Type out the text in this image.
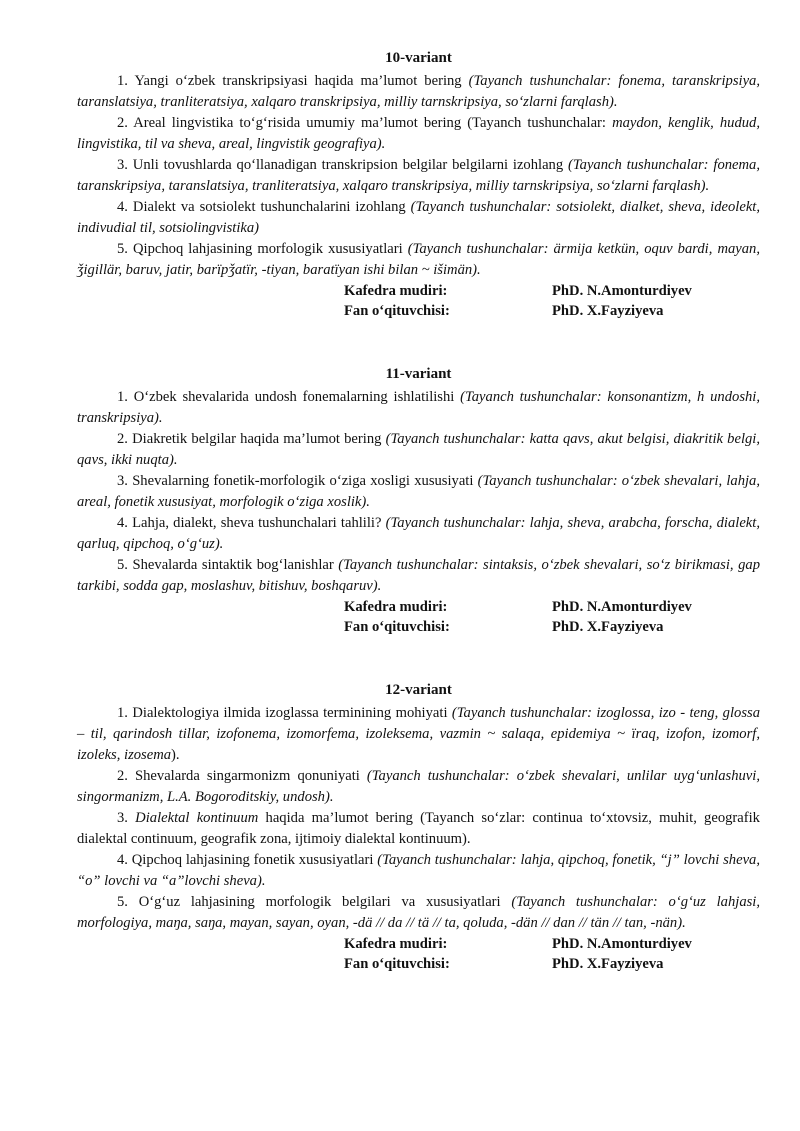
10-variant

1. Yangi o‘zbek transkripsiyasi haqida ma’lumot bering (Tayanch tushunchalar: fonema, taranskripsiya, taranslatsiya, tranliteratsiya, xalqaro transkripsiya, milliy tarnskripsiya, so‘zlarni farqlash).

2. Areal lingvistika to‘g‘risida umumiy ma’lumot bering (Tayanch tushunchalar: maydon, kenglik, hudud, lingvistika, til va sheva, areal, lingvistik geografiya).

3. Unli tovushlarda qo‘llanadigan transkripsion belgilar belgilarni izohlang (Tayanch tushunchalar: fonema, taranskripsiya, taranslatsiya, tranliteratsiya, xalqaro transkripsiya, milliy tarnskripsiya, so‘zlarni farqlash).

4. Dialekt va sotsiolekt tushunchalarini izohlang (Tayanch tushunchalar: sotsiolekt, dialket, sheva, ideolekt, indivudial til, sotsiolingvistika)

5. Qipchoq lahjasining morfologik xususiyatlari (Tayanch tushunchalar: ärmija ketkün, oquv bardi, mayan, ǯigillär, baruv, jatir, barïpǯatïr, -tiyan, baratïyan ishi bilan ~ išimän).

Kafedra mudiri:	PhD. N.Amonturdiyev
Fan o‘qituvchisi:	PhD. X.Fayziyeva
11-variant

1. O‘zbek shevalarida undosh fonemalarning ishlatilishi (Tayanch tushunchalar: konsonantizm, h undoshi, transkripsiya).

2. Diakretik belgilar haqida ma’lumot bering (Tayanch tushunchalar: katta qavs, akut belgisi, diakritik belgi, qavs, ikki nuqta).

3. Shevalarning fonetik-morfologik o‘ziga xosligi xususiyati (Tayanch tushunchalar: o‘zbek shevalari, lahja, areal, fonetik xususiyat, morfologik o‘ziga xoslik).

4. Lahja, dialekt, sheva tushunchalari tahlili? (Tayanch tushunchalar: lahja, sheva, arabcha, forscha, dialekt, qarluq, qipchoq, o‘g‘uz).

5. Shevalarda sintaktik bog‘lanishlar (Tayanch tushunchalar: sintaksis, o‘zbek shevalari, so‘z birikmasi, gap tarkibi, sodda gap, moslashuv, bitishuv, boshqaruv).

Kafedra mudiri:	PhD. N.Amonturdiyev
Fan o‘qituvchisi:	PhD. X.Fayziyeva
12-variant

1. Dialektologiya ilmida izoglassa terminining mohiyati (Tayanch tushunchalar: izoglossa, izo - teng, glossa – til, qarindosh tillar, izofonema, izomorfema, izoleksema, vazmin ~ salaqa, epidemiya ~ ïraq, izofon, izomorf, izoleks, izosema).

2. Shevalarda singarmonizm qonuniyati (Tayanch tushunchalar: o‘zbek shevalari, unlilar uyg‘unlashuvi, singormanizm, L.A. Bogoroditskiy, undosh).

3. Dialektal kontinuum haqida ma’lumot bering (Tayanch so‘zlar: continua to‘xtovsiz, muhit, geografik dialektal continuum, geografik zona, ijtimoiy dialektal kontinuum).

4. Qipchoq lahjasining fonetik xususiyatlari (Tayanch tushunchalar: lahja, qipchoq, fonetik, “j” lovchi sheva, “o” lovchi va “a”lovchi sheva).

5. O‘g‘uz lahjasining morfologik belgilari va xususiyatlari (Tayanch tushunchalar: o‘g‘uz lahjasi, morfologiya, maŋa, saŋa, mayan, sayan, oyan, -dä // da // tä // ta, qoluda, -dän // dan // tän // tan, -nän).

Kafedra mudiri:	PhD. N.Amonturdiyev
Fan o‘qituvchisi:	PhD. X.Fayziyeva
